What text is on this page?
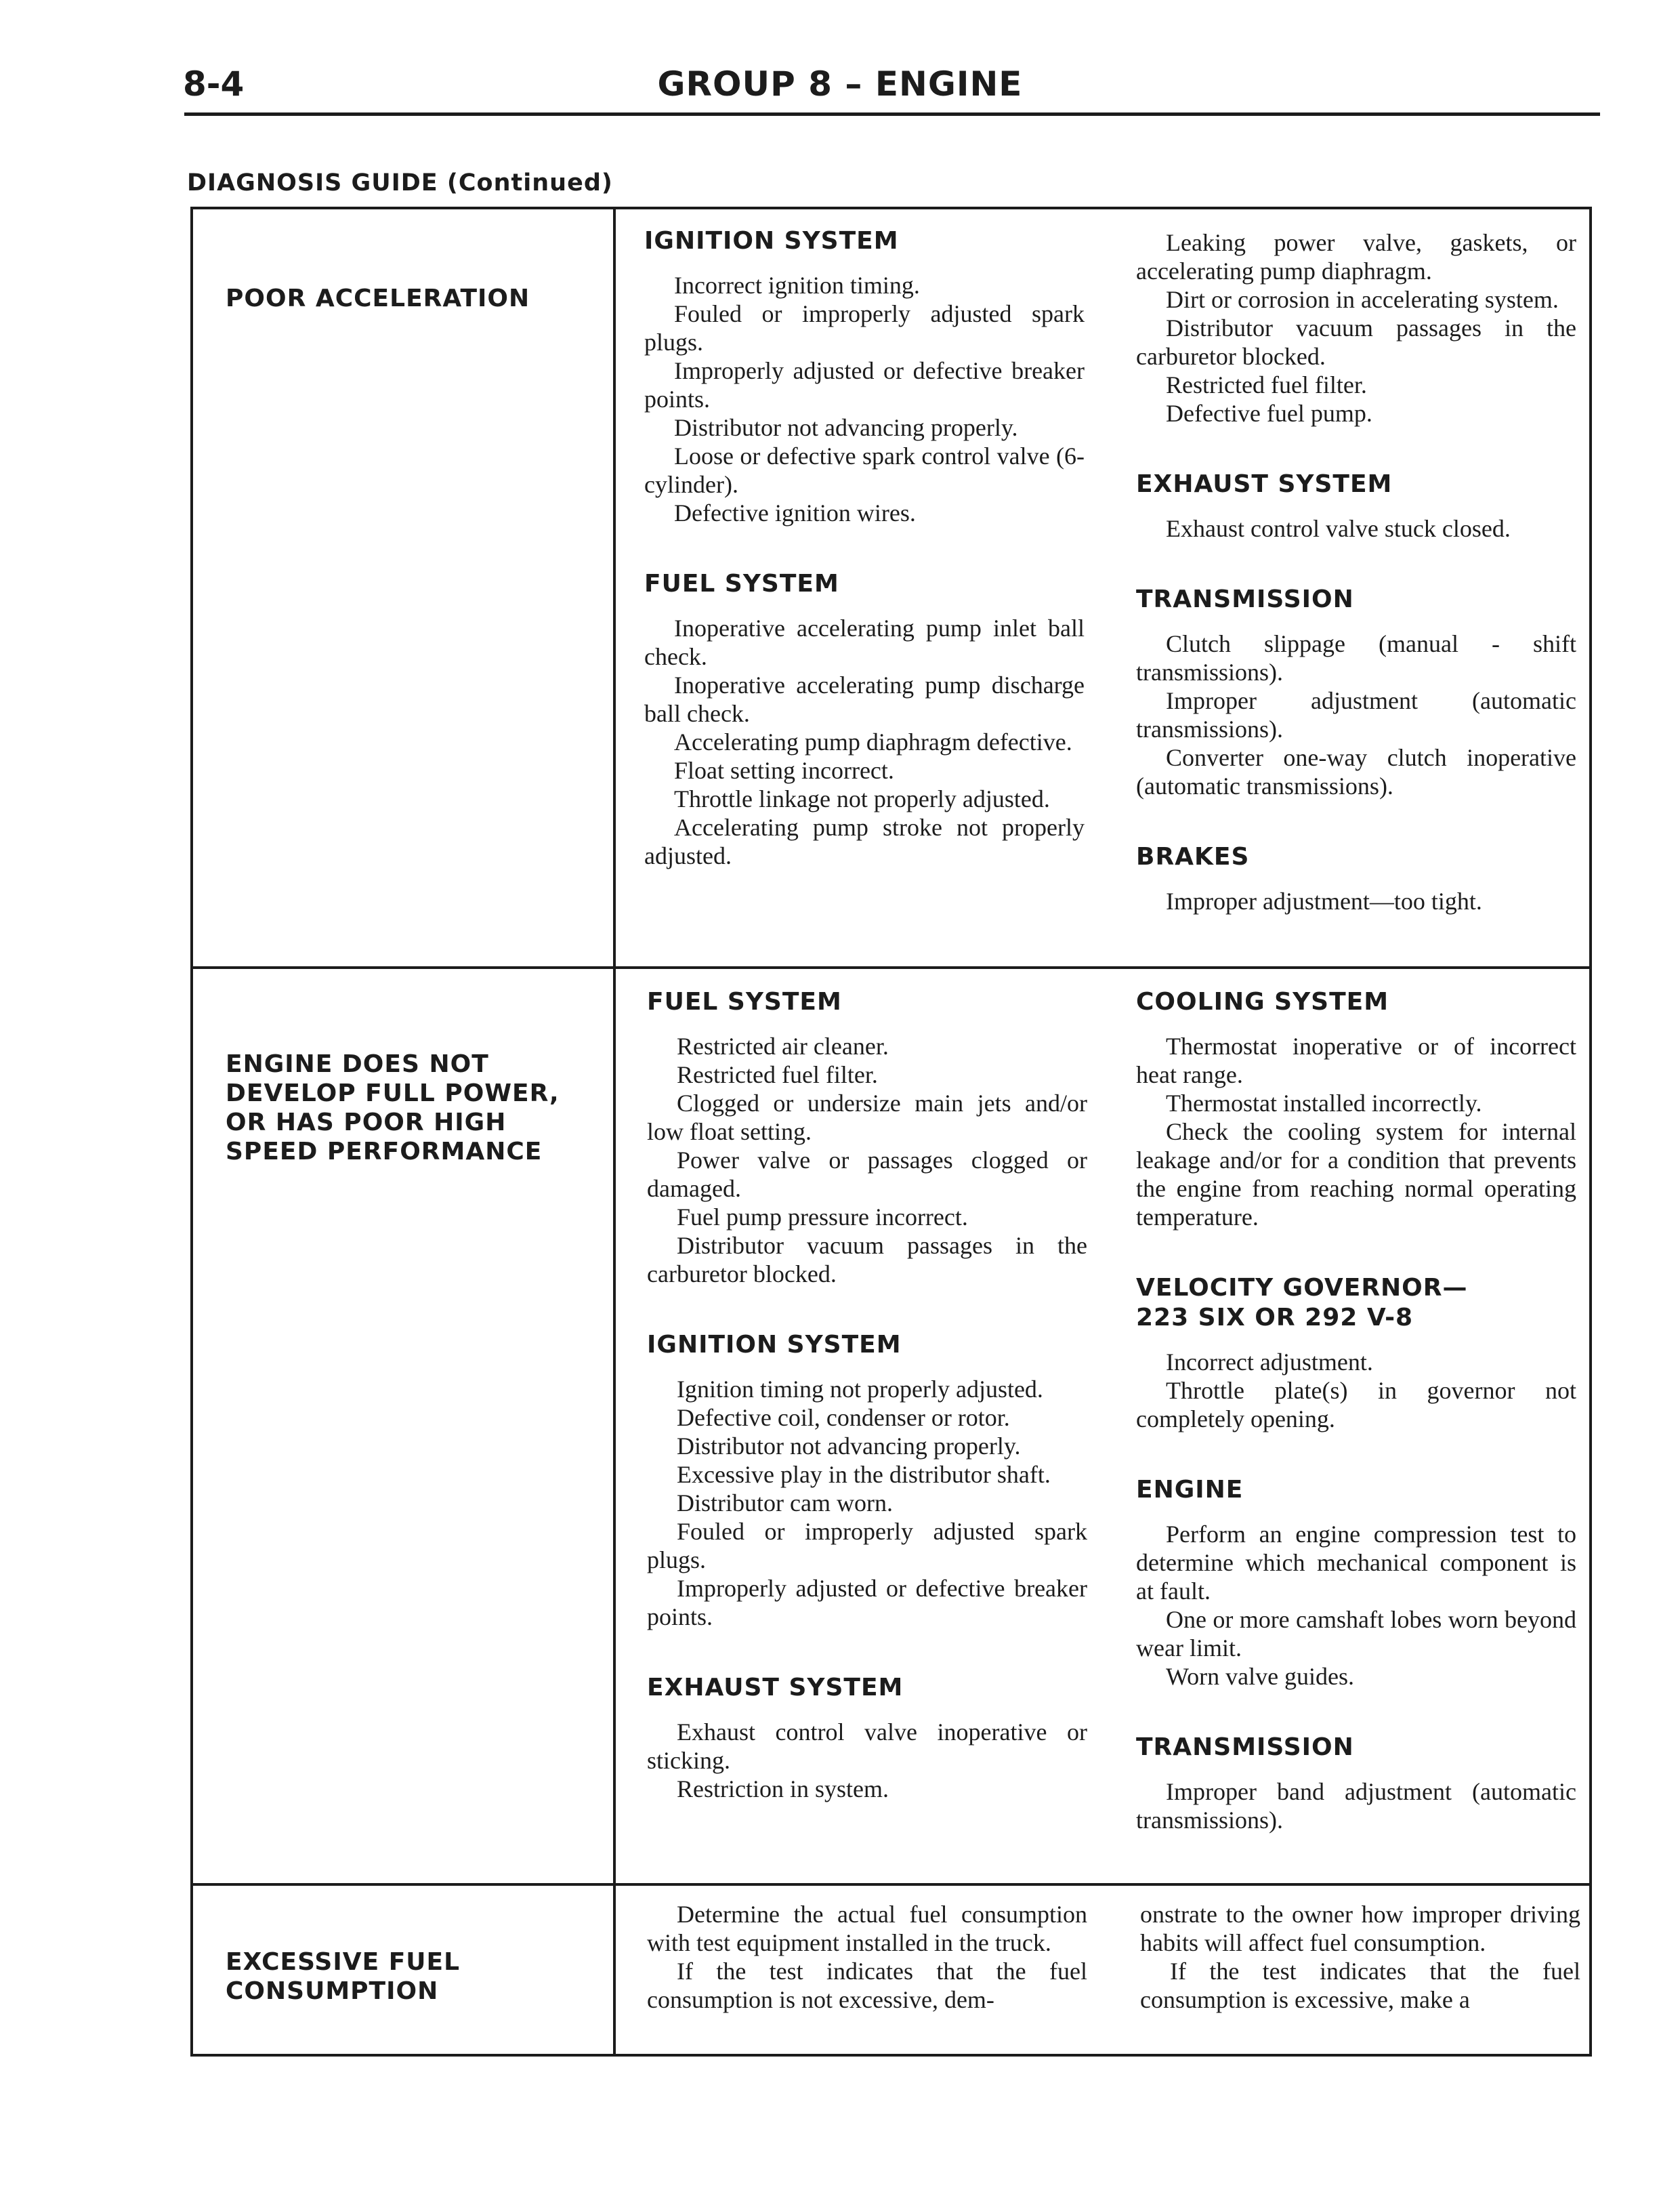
8-4	GROUP 8 – ENGINE
DIAGNOSIS GUIDE (Continued)
POOR ACCELERATION

IGNITION SYSTEM

Incorrect ignition timing.
Fouled or improperly adjusted spark plugs.
Improperly adjusted or defective breaker points.
Distributor not advancing properly.
Loose or defective spark control valve (6-cylinder).
Defective ignition wires.

FUEL SYSTEM

Inoperative accelerating pump inlet ball check.
Inoperative accelerating pump discharge ball check.
Accelerating pump diaphragm defective.
Float setting incorrect.
Throttle linkage not properly adjusted.
Accelerating pump stroke not properly adjusted.
Leaking power valve, gaskets, or accelerating pump diaphragm.
Dirt or corrosion in accelerating system.
Distributor vacuum passages in the carburetor blocked.
Restricted fuel filter.
Defective fuel pump.

EXHAUST SYSTEM

Exhaust control valve stuck closed.

TRANSMISSION

Clutch slippage (manual - shift transmissions).
Improper adjustment (automatic transmissions).
Converter one-way clutch inoperative (automatic transmissions).

BRAKES

Improper adjustment—too tight.
ENGINE DOES NOT DEVELOP FULL POWER, OR HAS POOR HIGH SPEED PERFORMANCE

FUEL SYSTEM

Restricted air cleaner.
Restricted fuel filter.
Clogged or undersize main jets and/or low float setting.
Power valve or passages clogged or damaged.
Fuel pump pressure incorrect.
Distributor vacuum passages in the carburetor blocked.

IGNITION SYSTEM

Ignition timing not properly adjusted.
Defective coil, condenser or rotor.
Distributor not advancing properly.
Excessive play in the distributor shaft.
Distributor cam worn.
Fouled or improperly adjusted spark plugs.
Improperly adjusted or defective breaker points.

EXHAUST SYSTEM

Exhaust control valve inoperative or sticking.
Restriction in system.

COOLING SYSTEM

Thermostat inoperative or of incorrect heat range.
Thermostat installed incorrectly.
Check the cooling system for internal leakage and/or for a condition that prevents the engine from reaching normal operating temperature.

VELOCITY GOVERNOR— 223 SIX OR 292 V-8

Incorrect adjustment.
Throttle plate(s) in governor not completely opening.

ENGINE

Perform an engine compression test to determine which mechanical component is at fault.
One or more camshaft lobes worn beyond wear limit.
Worn valve guides.

TRANSMISSION

Improper band adjustment (automatic transmissions).
EXCESSIVE FUEL CONSUMPTION
Determine the actual fuel consumption with test equipment installed in the truck.
If the test indicates that the fuel consumption is not excessive, dem-
onstrate to the owner how improper driving habits will affect fuel consumption.
If the test indicates that the fuel consumption is excessive, make a
